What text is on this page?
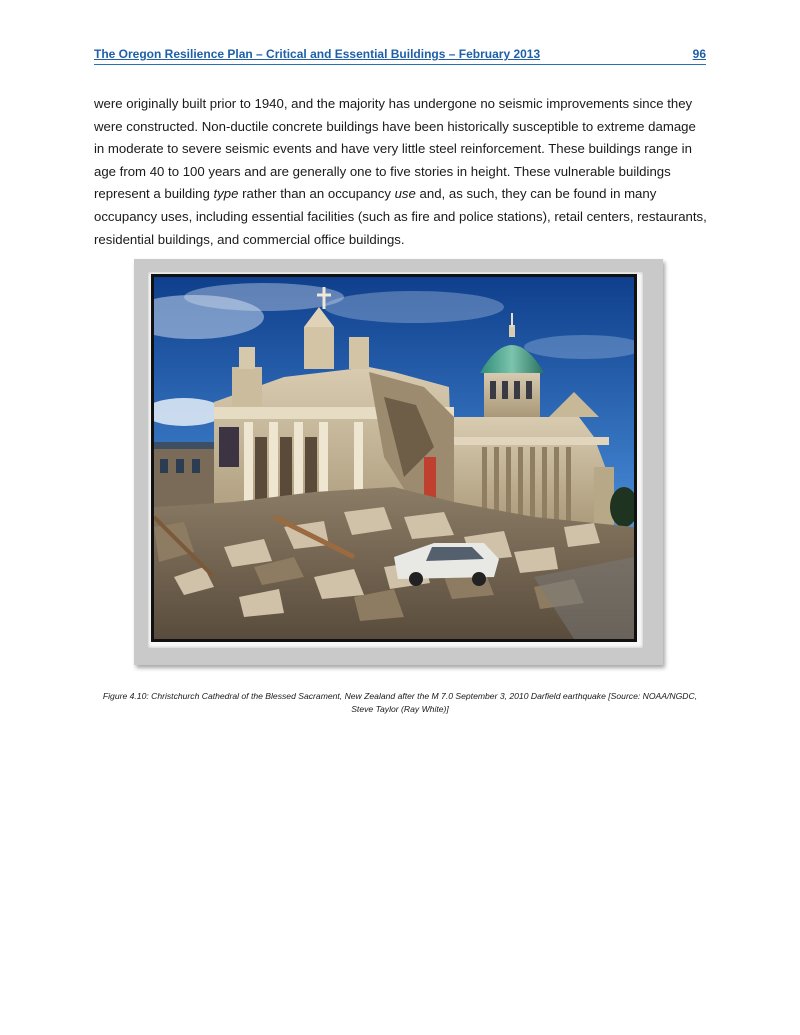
The Oregon Resilience Plan – Critical and Essential Buildings – February 2013	96
were originally built prior to 1940, and the majority has undergone no seismic improvements since they were constructed. Non-ductile concrete buildings have been historically susceptible to extreme damage in moderate to severe seismic events and have very little steel reinforcement. These buildings range in age from 40 to 100 years and are generally one to five stories in height. These vulnerable buildings represent a building type rather than an occupancy use and, as such, they can be found in many occupancy uses, including essential facilities (such as fire and police stations), retail centers, restaurants, residential buildings, and commercial office buildings.
Figure 4.10: Christchurch Cathedral of the Blessed Sacrament, New Zealand after the M 7.0 September 3, 2010 Darfield earthquake [Source: NOAA/NGDC, Steve Taylor (Ray White)]
